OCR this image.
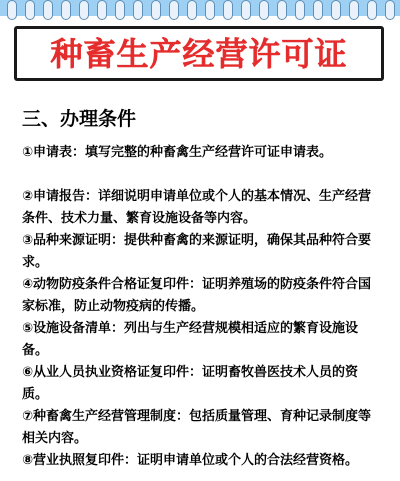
种畜生产经营许可证
三、办理条件
①申请表：填写完整的种畜禽生产经营许可证申请表。
②申请报告：详细说明申请单位或个人的基本情况、生产经营条件、技术力量、繁育设施设备等内容。
③品种来源证明：提供种畜禽的来源证明，确保其品种符合要求。
④动物防疫条件合格证复印件：证明养殖场的防疫条件符合国家标准，防止动物疫病的传播。
⑤设施设备清单：列出与生产经营规模相适应的繁育设施设备。
⑥从业人员执业资格证复印件：证明畜牧兽医技术人员的资质。
⑦种畜禽生产经营管理制度：包括质量管理、育种记录制度等相关内容。
⑧营业执照复印件：证明申请单位或个人的合法经营资格。
